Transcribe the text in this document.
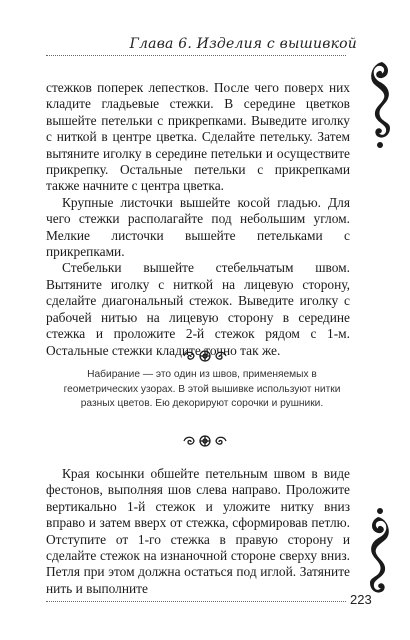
Глава 6. Изделия с вышивкой

стежков поперек лепестков. После чего поверх них кладите гладьевые стежки. В середине цветков вышейте петельки с прикрепками. Выведите иголку с ниткой в центре цветка. Сделайте петельку. Затем вытяните иголку в середине петельки и осуществите прикрепку. Остальные петельки с прикрепками также начните с центра цветка.

Крупные листочки вышейте косой гладью. Для чего стежки располагайте под небольшим углом. Мелкие листочки вышейте петельками с прикрепками.

Стебельки вышейте стебельчатым швом. Вытяните иголку с ниткой на лицевую сторону, сделайте диагональный стежок. Выведите иголку с рабочей нитью на лицевую сторону в середине стежка и проложите 2-й стежок рядом с 1-м. Остальные стежки кладите точно так же.

Набирание — это один из швов, применяемых в геометрических узорах. В этой вышивке используют нитки разных цветов. Ею декорируют сорочки и рушники.

Края косынки обшейте петельным швом в виде фестонов, выполняя шов слева направо. Проложите вертикально 1-й стежок и уложите нитку вниз вправо и затем вверх от стежка, сформировав петлю. Отступите от 1-го стежка в правую сторону и сделайте стежок на изнаночной стороне сверху вниз. Петля при этом должна остаться под иглой. Затяните нить и выполните

223
